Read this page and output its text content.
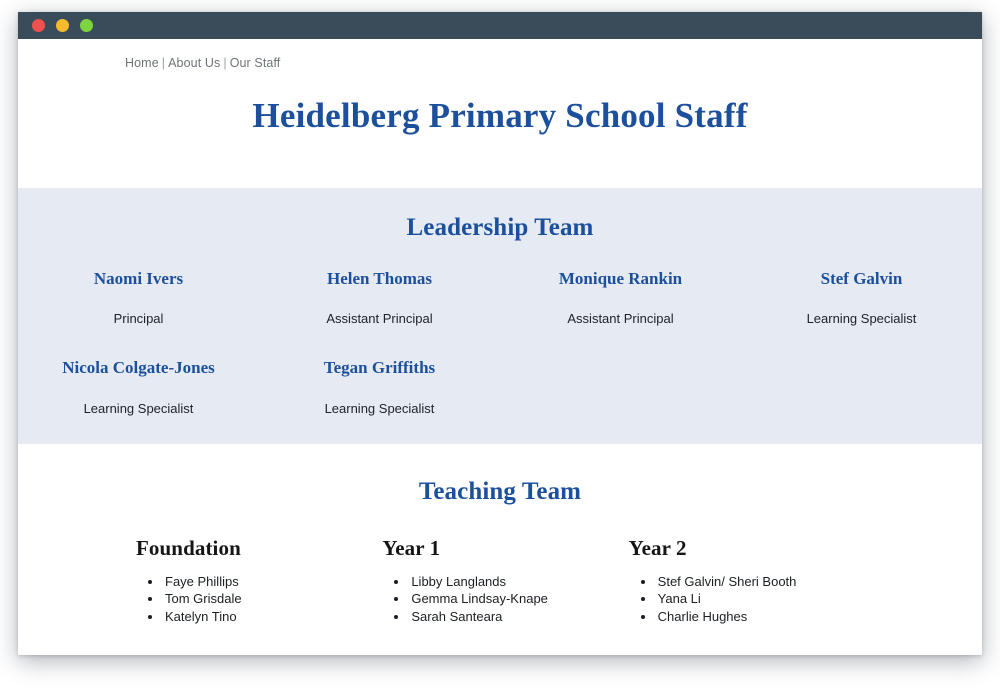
Home | About Us | Our Staff
Heidelberg Primary School Staff
Leadership Team
Naomi Ivers
Principal
Helen Thomas
Assistant Principal
Monique Rankin
Assistant Principal
Stef Galvin
Learning Specialist
Nicola Colgate-Jones
Learning Specialist
Tegan Griffiths
Learning Specialist
Teaching Team
Foundation
• Faye Phillips
• Tom Grisdale
• Katelyn Tino
Year 1
• Libby Langlands
• Gemma Lindsay-Knape
• Sarah Santeara
Year 2
• Stef Galvin/ Sheri Booth
• Yana Li
• Charlie Hughes
